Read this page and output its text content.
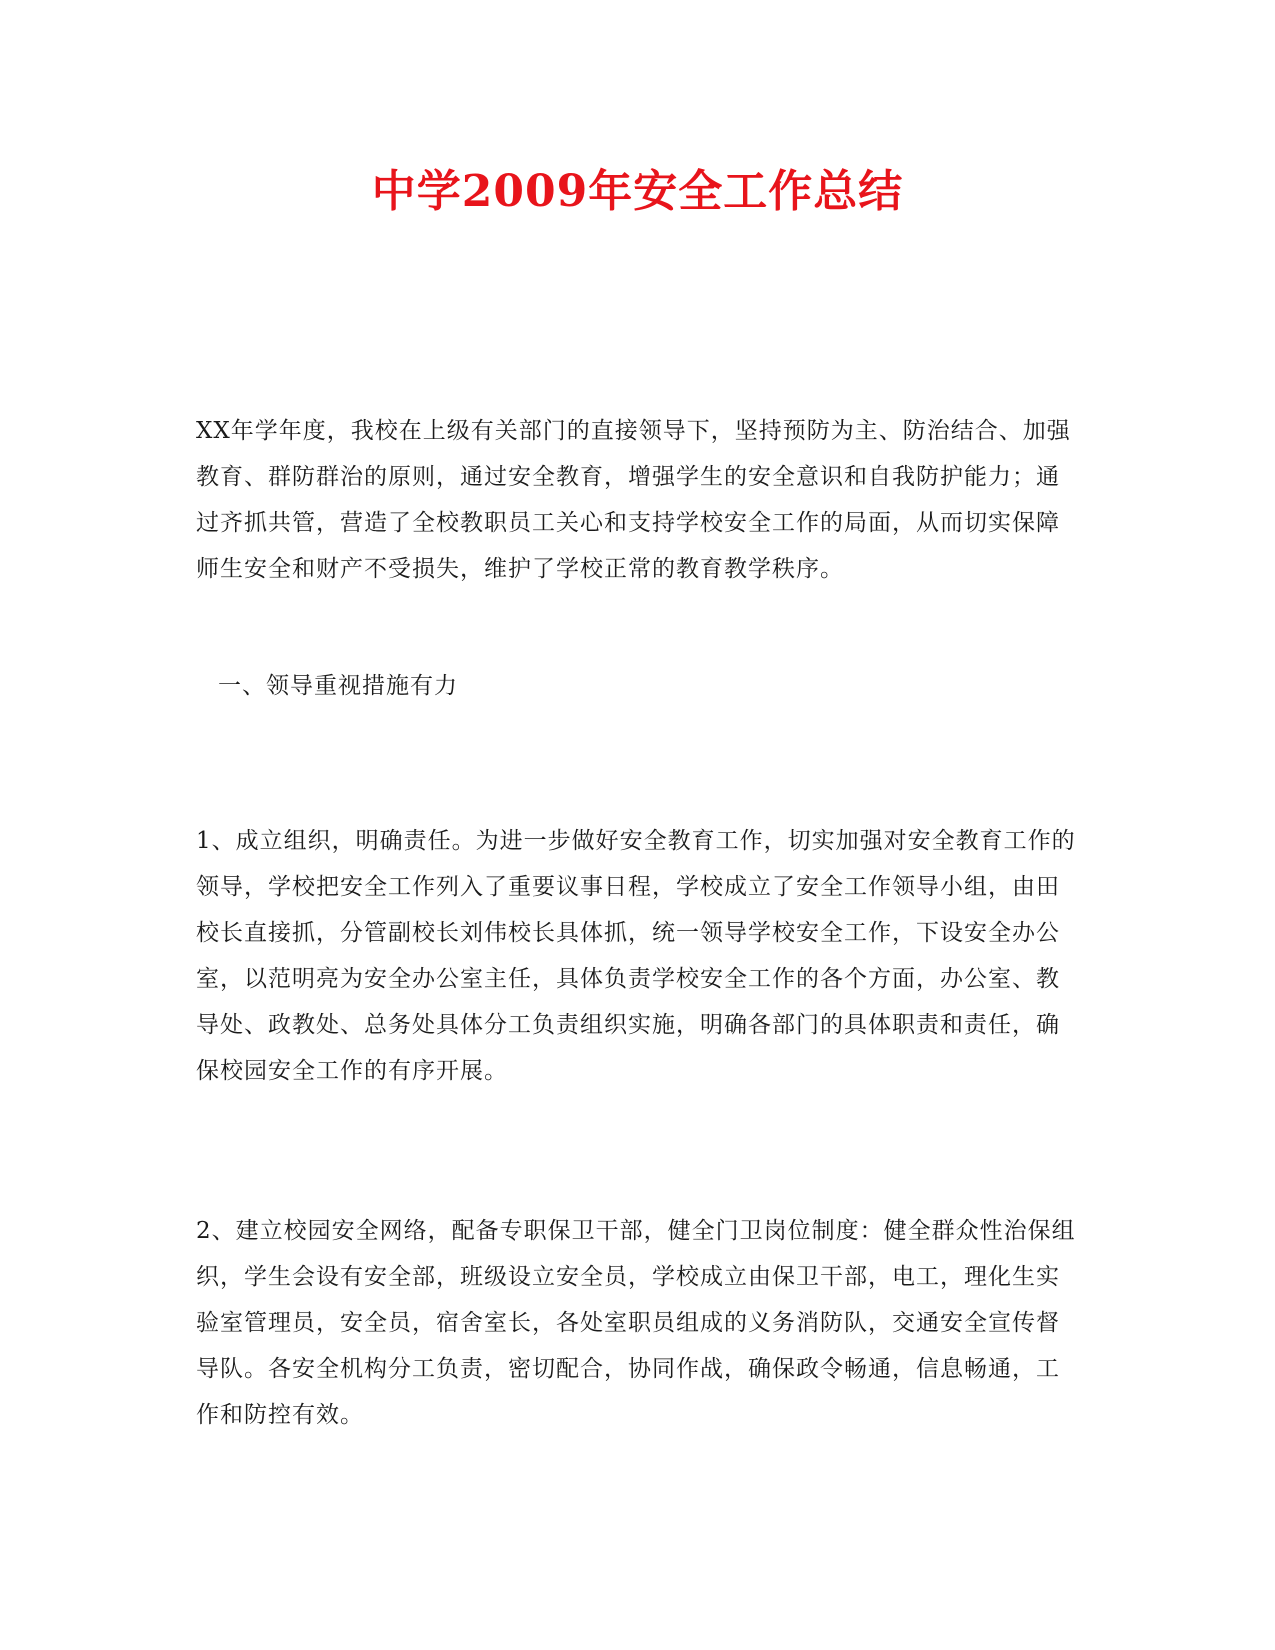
中学2009年安全工作总结

XX年学年度，我校在上级有关部门的直接领导下，坚持预防为主、防治结合、加强教育、群防群治的原则，通过安全教育，增强学生的安全意识和自我防护能力；通过齐抓共管，营造了全校教职员工关心和支持学校安全工作的局面，从而切实保障师生安全和财产不受损失，维护了学校正常的教育教学秩序。

一、领导重视措施有力

1、成立组织，明确责任。为进一步做好安全教育工作，切实加强对安全教育工作的领导，学校把安全工作列入了重要议事日程，学校成立了安全工作领导小组，由田校长直接抓，分管副校长刘伟校长具体抓，统一领导学校安全工作，下设安全办公室，以范明亮为安全办公室主任，具体负责学校安全工作的各个方面，办公室、教导处、政教处、总务处具体分工负责组织实施，明确各部门的具体职责和责任，确保校园安全工作的有序开展。

2、建立校园安全网络，配备专职保卫干部，健全门卫岗位制度：健全群众性治保组织，学生会设有安全部，班级设立安全员，学校成立由保卫干部，电工，理化生实验室管理员，安全员，宿舍室长，各处室职员组成的义务消防队，交通安全宣传督导队。各安全机构分工负责，密切配合，协同作战，确保政令畅通，信息畅通，工作和防控有效。
